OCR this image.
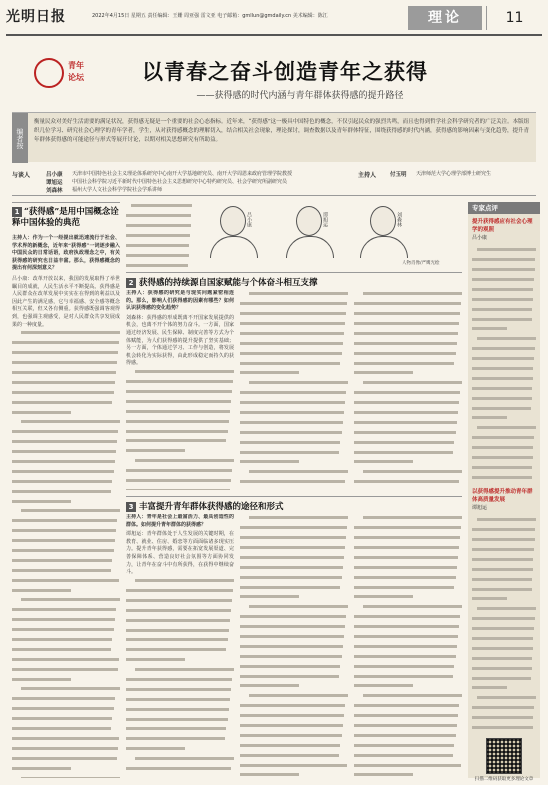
光明日报	2022年4月15日 星期五 责任编辑：王姗 周亚强 雷文亚 电子邮箱：gmllun@gmdaily.cn 美术编辑：陈江	理论	11
青年
论坛	以青春之奋斗创造青年之获得
——获得感的时代内涵与青年群体获得感的提升路径
编者按
衡量民众对美好生活需要的满足状况，获得感无疑是一个重要的社会心态指标。近年来，“获得感”这一极具中国特色的概念，不仅引起民众的强烈共鸣，而且也得到哲学社会科学研究者的广泛关注。本版组织几位学习、研究社会心理学的青年学者，学生，从对获得感概念的理解切入，结合相关社会现象，理论探讨，调查数据以及青年群体特征，围绕获得感的时代内涵，获得感的影响因素与变化趋势，提升青年群体获得感的可能途径与形式等展开讨论，以期对相关思想研究有所助益。
与谈人	吕小康 天津市中国特色社会主义理论体系研究中心南开大学基地研究员、南开大学周恩来政府管理学院教授
谭旭运 中国社会科学院习近平新时代中国特色社会主义思想研究中心特约研究员、社会学研究所副研究员
刘森林 福州大学人文社会科学学院社会学系讲师
主持人	付玉明 天津师范大学心理学部博士研究生
1 “获得感”是用中国概念诠释中国体验的典范

主持人：作为一个一经提出就迅速流行于社会、学术界的新概念，近年来“获得感”一词逐步融入中国民众的日常话语，政府执政理念之中，有关获得感的研究也日益丰富。那么，获得感概念的提出有何深刻意义？

吕小康：改革开放以来，我国的发展取得了举世瞩目的成就，人民生活水平不断提高。获得感是人民群众在改革发展中实实在在得到的利益以及因此产生的满足感，它与幸福感、安全感等概念相互关联，但又各有侧重。获得感既强调客观得到，也强调主观感受，是对人民群众共享发展成果的一种度量。

吕小康	谭旭运	刘森林
人物肖像/严鹰光绘
2 获得感的持续源自国家赋能与个体奋斗相互支撑

主持人：获得感的研究是与现实问题紧密相连的。那么，影响人们获得感的因素有哪些？如何认识获得感的变化趋势？

刘森林：获得感的形成既离不开国家发展提供的机会，也离不开个体的努力奋斗。一方面，国家通过经济发展、民生保障、制度完善等方式为个体赋能，为人们获得感的提升提供了坚实基础；另一方面，个体通过学习、工作与创造，将发展机会转化为实际获得，由此形成稳定而持久的获得感。

3 丰富提升青年群体获得感的途径和形式

主持人：青年是社会上最富活力、最具创造性的群体。如何提升青年群体的获得感？

谭旭运：青年群体处于人生发展的关键时期，在教育、就业、住房、婚恋等方面面临诸多现实压力。提升青年获得感，需要在拓宽发展渠道、完善保障体系、营造良好社会氛围等方面协同发力，让青年在奋斗中有所获得，在获得中继续奋斗。

专家点评
提升获得感应有社会心理学的观照
吕小康
以获得感提升推动青年群体高质量发展
谭旭运
扫描二维码获取更多理论文章
